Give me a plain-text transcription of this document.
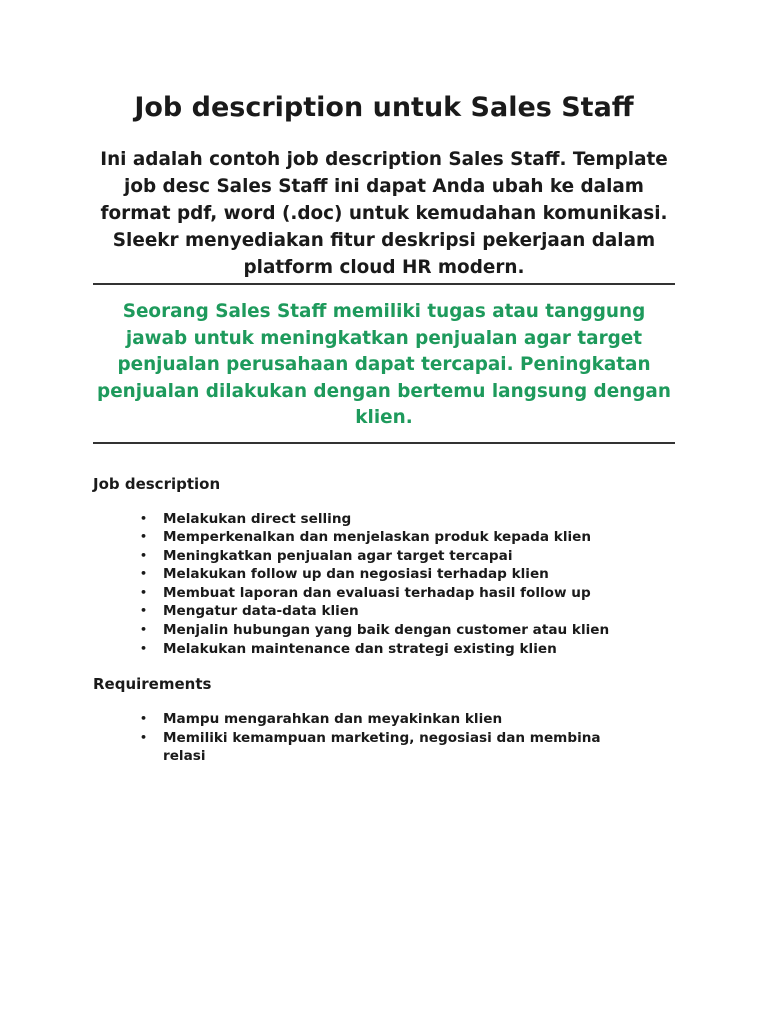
Job description untuk Sales Staff

Ini adalah contoh job description Sales Staff. Template job desc Sales Staff ini dapat Anda ubah ke dalam format pdf, word (.doc) untuk kemudahan komunikasi. Sleekr menyediakan fitur deskripsi pekerjaan dalam platform cloud HR modern.

Seorang Sales Staff memiliki tugas atau tanggung jawab untuk meningkatkan penjualan agar target penjualan perusahaan dapat tercapai. Peningkatan penjualan dilakukan dengan bertemu langsung dengan klien.

Job description
• Melakukan direct selling
• Memperkenalkan dan menjelaskan produk kepada klien
• Meningkatkan penjualan agar target tercapai
• Melakukan follow up dan negosiasi terhadap klien
• Membuat laporan dan evaluasi terhadap hasil follow up
• Mengatur data-data klien
• Menjalin hubungan yang baik dengan customer atau klien
• Melakukan maintenance dan strategi existing klien
Requirements
• Mampu mengarahkan dan meyakinkan klien
• Memiliki kemampuan marketing, negosiasi dan membina relasi
